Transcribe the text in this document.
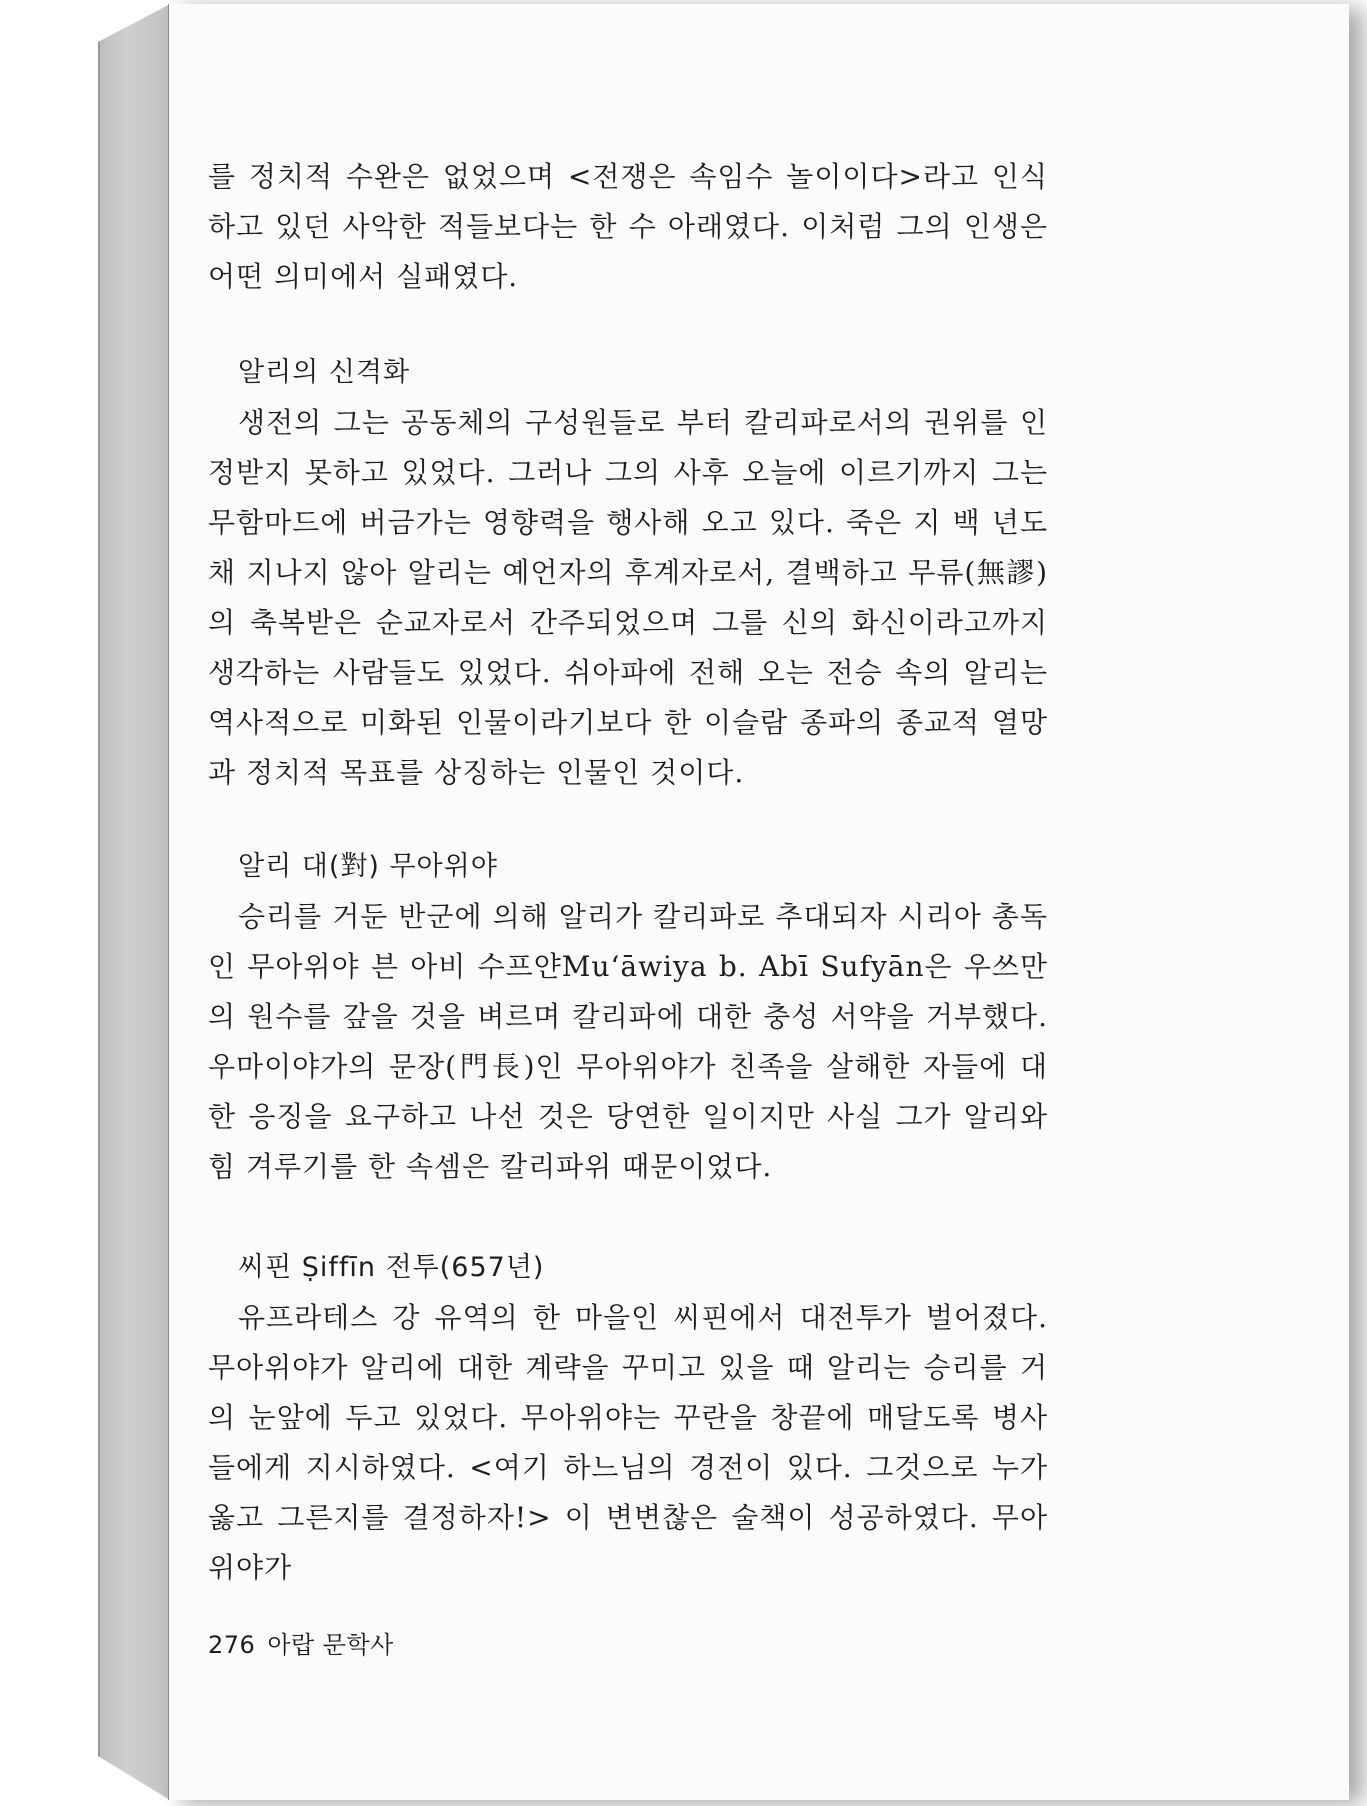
를 정치적 수완은 없었으며 <전쟁은 속임수 놀이이다>라고 인식하고 있던 사악한 적들보다는 한 수 아래였다. 이처럼 그의 인생은 어떤 의미에서 실패였다.

알리의 신격화

생전의 그는 공동체의 구성원들로 부터 칼리파로서의 권위를 인정받지 못하고 있었다. 그러나 그의 사후 오늘에 이르기까지 그는 무함마드에 버금가는 영향력을 행사해 오고 있다. 죽은 지 백 년도 채 지나지 않아 알리는 예언자의 후계자로서, 결백하고 무류(無謬)의 축복받은 순교자로서 간주되었으며 그를 신의 화신이라고까지 생각하는 사람들도 있었다. 쉬아파에 전해 오는 전승 속의 알리는 역사적으로 미화된 인물이라기보다 한 이슬람 종파의 종교적 열망과 정치적 목표를 상징하는 인물인 것이다.

알리 대(對) 무아위야

승리를 거둔 반군에 의해 알리가 칼리파로 추대되자 시리아 총독인 무아위야 븐 아비 수프얀Mu‘āwiya b. Abī Sufyān은 우쓰만의 원수를 갚을 것을 벼르며 칼리파에 대한 충성 서약을 거부했다. 우마이야가의 문장(門長)인 무아위야가 친족을 살해한 자들에 대한 응징을 요구하고 나선 것은 당연한 일이지만 사실 그가 알리와 힘 겨루기를 한 속셈은 칼리파위 때문이었다.

씨핀 Ṣiffīn 전투(657년)

유프라테스 강 유역의 한 마을인 씨핀에서 대전투가 벌어졌다. 무아위야가 알리에 대한 계략을 꾸미고 있을 때 알리는 승리를 거의 눈앞에 두고 있었다. 무아위야는 꾸란을 창끝에 매달도록 병사들에게 지시하였다. <여기 하느님의 경전이 있다. 그것으로 누가 옳고 그른지를 결정하자!> 이 변변찮은 술책이 성공하였다. 무아위야가

276 아랍 문학사
